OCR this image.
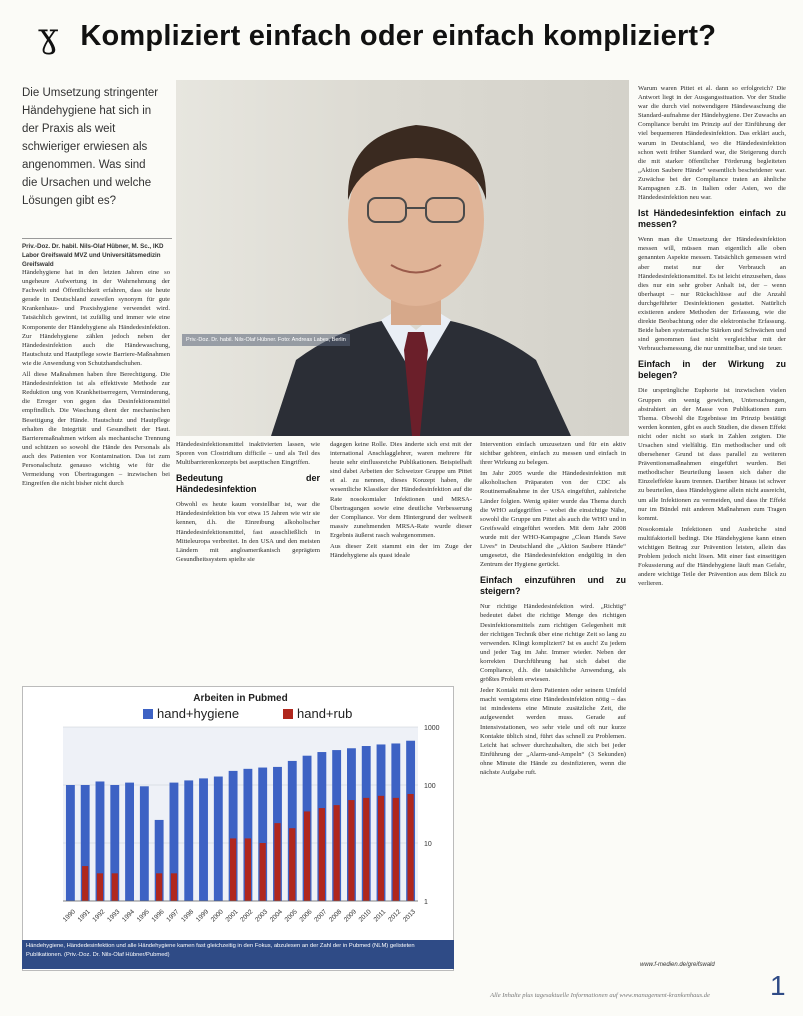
ɣ Kompliziert einfach oder einfach kompliziert?
Die Umsetzung stringenter Händehygiene hat sich in der Praxis als weit schwieriger erwiesen als angenommen. Was sind die Ursachen und welche Lösungen gibt es?
Priv.-Doz. Dr. habil. Nils-Olaf Hübner, M. Sc., IKD Labor Greifswald MVZ und Universitätsmedizin Greifswald
Priv.-Doz. Dr. habil. Nils-Olaf Hübner. Foto: Andreas Labes, Berlin

Händehygiene hat in den letzten Jahren eine so ungeheure Aufwertung in der Wahrnehmung der Fachwelt und Öffentlichkeit erfahren, dass sie heute gerade in Deutschland zuweilen synonym für gute Krankenhaus- und Praxishygiene verwendet wird. Tatsächlich gewinnt, ist zufällig und immer wie eine Komponente der Händehygiene als Händedesinfektion. Zur Händehygiene zählen jedoch neben der Händedesinfektion auch die Händewaschung, Hautschutz und Hautpflege sowie Barriere-Maßnahmen wie die Anwendung von Schutzhandschuhen.

All diese Maßnahmen haben ihre Berechtigung. Die Händedesinfektion ist als effektivste Methode zur Reduktion ung von Krankheitserregern, Verminderung, die Erreger von gegen das Desinfektionsmittel empfindlich. Die Waschung dient der mechanischen Beseitigung der Hände. Hautschutz und Hautpflege erhalten die Integrität und Gesundheit der Haut. Barrieremaßnahmen wirken als mechanische Trennung und schützen so sowohl die Hände des Personals als auch des Patienten vor Kontamination. Das ist zum Personalschutz genauso wichtig wie für die Vermeidung von Übertragungen – inzwischen bei Eingreifen die nicht bisher nicht durch

Händedesinfektionsmittel inaktivierten lassen, wie Sporen von Clostridium difficile – und als Teil des Multibarrierenkonzepts bei aseptischen Eingriffen.

Bedeutung der Händedesinfektion

Obwohl es heute kaum vorstellbar ist, war die Händedesinfektion bis vor etwa 15 Jahren wie wir sie kennen, d.h. die Einreibung alkoholischer Händedesinfektionsmittel, fast ausschließlich in Mitteleuropa verbreitet. In den USA und den meisten Ländern mit angloamerikanisch geprägtem Gesundheitssystem spielte sie

dagegen keine Rolle. Dies änderte sich erst mit der international Anschlagglehrer, waren mehrere für heute sehr einflussreiche Publikationen. Beispielhaft sind dabei Arbeiten der Schweizer Gruppe um Pittet et al. zu nennen, dieses Konzept haben, die wesentliche Klassiker der Händedesinfektion auf die Rate nosokomialer Infektionen und MRSA-Übertragungen sowie eine deutliche Verbesserung der Compliance. Vor dem Hintergrund der weltweit massiv zunehmenden MRSA-Rate wurde dieser Ergebnis äußerst rasch wahrgenommen.

Aus dieser Zeit stammt ein der im Zuge der Händehygiene als quasi ideale

Intervention einfach umzusetzen und für ein aktiv sichtbar gehören, einfach zu messen und einfach in ihrer Wirkung zu belegen.

Im Jahr 2005 wurde die Händedesinfektion mit alkoholischen Präparaten von der CDC als Routinemaßnahme in der USA eingeführt, zahlreiche Länder folgten. Wenig später wurde das Thema durch die WHO aufgegriffen – wobei die einsichtige Nähe, sowohl die Gruppe um Pittet als auch die WHO und in Greifswald eingeführt worden. Mit dem Jahr 2008 wurde mit der WHO-Kampagne „Clean Hands Save Lives“ in Deutschland die „Aktion Saubere Hände“ umgesetzt, die Händedesinfektion endgültig in den Zentrum der Hygiene gerückt.

Einfach einzuführen und zu steigern?

Nur richtige Händedesinfektion wird. „Richtig“ bedeutet dabei die richtige Menge des richtigen Desinfektionsmittels zum richtigen Gelegenheit mit der richtigen Technik über eine richtige Zeit so lang zu verwenden. Klingt kompliziert? Ist es auch! Zu jedem und jeder Tag im Jahr. Immer wieder. Neben der korrekten Durchführung hat sich dabei die Compliance, d.h. die tatsächliche Anwendung, als größtes Problem erwiesen.

Jeder Kontakt mit dem Patienten oder seinem Umfeld macht wenigstens eine Händedesinfektion nötig – das ist mindestens eine Minute zusätzliche Zeit, die aufgewendet werden muss. Gerade auf Intensivstationen, wo sehr viele und oft nur kurze Kontakte üblich sind, führt das schnell zu Problemen. Leicht hat schwer durchzuhalten, die sich bei jeder Einführung der „Alarm-und-Ampeln“ (3 Sekunden) ohne Minute die Hände zu desinfizieren, wenn die nächste Aufgabe ruft.

Warum waren Pittet et al. dann so erfolgreich? Die Antwort liegt in der Ausgangssituation. Vor der Studie war die durch viel notwendigere Händewaschung die Standard-aufnahme der Händehygiene. Der Zuwachs an Compliance beruht im Prinzip auf der Einführung der viel bequemeren Händedesinfektion. Das erklärt auch, warum in Deutschland, wo die Händedesinfektion schon weit früher Standard war, die Steigerung durch die mit starker öffentlicher Förderung begleiteten „Aktion Saubere Hände“ wesentlich bescheidener war. Zuwächse bei der Compliance traten an ähnliche Kampagnen z.B. in Italien oder Asien, wo die Händedesinfektion neu war.

Ist Händedesinfektion einfach zu messen?

Wenn man die Umsetzung der Händedesinfektion messen will, müssen man eigentlich alle oben genannten Aspekte messen. Tatsächlich gemessen wird aber meist nur der Verbrauch an Händedesinfektionsmittel. Es ist leicht einzusehen, dass dies nur ein sehr grober Anhalt ist, der – wenn überhaupt – nur Rückschlüsse auf die Anzahl durchgeführter Desinfektionen gestattet. Natürlich existieren andere Methoden der Erfassung, wie die direkte Beobachtung oder die elektronische Erfassung. Beide haben systematische Stärken und Schwächen und sind genommen fast nicht vergleichbar mit der Verbrauchsmessung, die nur unmittelbar, und sie teuer.

Einfach in der Wirkung zu belegen?

Die ursprüngliche Euphorie ist inzwischen vielen Gruppen ein wenig gewichen, Untersuchungen, abstrahiert an der Masse von Publikationen zum Thema. Obwohl die Ergebnisse im Prinzip bestätigt werden konnten, gibt es auch Studien, die diesen Effekt nicht oder nicht so stark in Zahlen zeigten. Die Ursachen sind vielfältig. Ein methodischer und oft übersehener Grund ist dass parallel zu weiteren Präventionsmaßnahmen eingeführt wurden. Bei methodischer Beurteilung lassen sich daher die Einzeleffekte kaum trennen. Darüber hinaus ist schwer zu beurteilen, dass Händehygiene allein nicht ausreicht, um alle Infektionen zu vermeiden, und dass ihr Effekt nur im Bündel mit anderen Maßnahmen zum Tragen kommt.

Nosokomiale Infektionen und Ausbrüche sind multifaktoriell bedingt. Die Händehygiene kann einen wichtigen Beitrag zur Prävention leisten, allein das Problem jedoch nicht lösen. Mit einer fast einseitigen Fokussierung auf die Händehygiene läuft man Gefahr, andere wichtige Teile der Prävention aus dem Blick zu verlieren.

www.f-medien.de/greifswald
Arbeiten in Pubmed
hand+hygiene	hand+rub
1
10
100
1000
1990 1991 1992 1993 1994 1995 1996 1997 1998 1999 2000 2001 2002 2003 2004 2005 2006 2007 2008 2009 2010 2011 2012 2013
Händehygiene, Händedesinfektion und alle Händehygiene kamen fast gleichzeitig in den Fokus, abzulesen an der Zahl der in Pubmed (NLM) gelisteten Publikationen. (Priv.-Doz. Dr. Nils-Olaf Hübner/Pubmed)
Alle Inhalte plus tagesaktuelle Informationen auf www.management-krankenhaus.de	1
